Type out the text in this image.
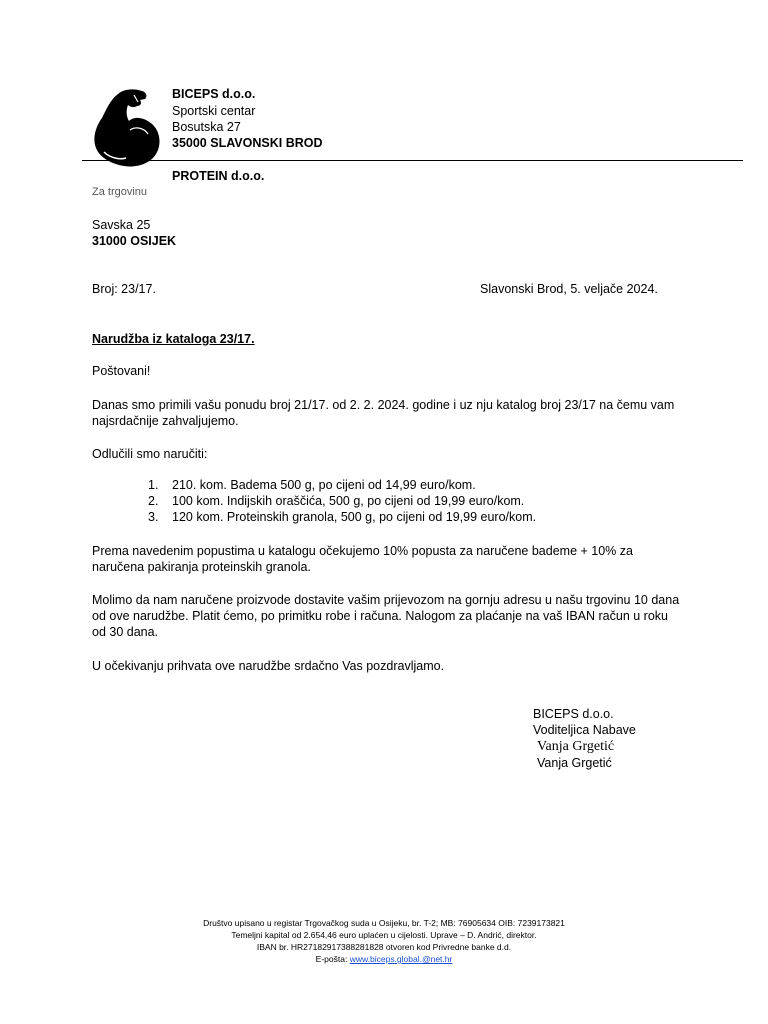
BICEPS d.o.o.
Sportski centar
Bosutska 27
35000 SLAVONSKI BROD
PROTEIN d.o.o.
Za trgovinu
Savska 25
31000 OSIJEK
Broj: 23/17.	Slavonski Brod, 5. veljače 2024.
Narudžba iz kataloga 23/17.
Poštovani!
Danas smo primili vašu ponudu broj 21/17. od 2. 2. 2024. godine i uz nju katalog broj 23/17 na čemu vam najsrdačnije zahvaljujemo.
Odlučili smo naručiti:
1. 210. kom. Badema 500 g, po cijeni od 14,99 euro/kom.
2. 100 kom. Indijskih oraščića, 500 g, po cijeni od 19,99 euro/kom.
3. 120 kom. Proteinskih granola, 500 g, po cijeni od 19,99 euro/kom.
Prema navedenim popustima u katalogu očekujemo 10% popusta za naručene bademe + 10% za naručena pakiranja proteinskih granola.
Molimo da nam naručene proizvode dostavite vašim prijevozom na gornju adresu u našu trgovinu 10 dana od ove narudžbe. Platit ćemo, po primitku robe i računa. Nalogom za plaćanje na vaš IBAN račun u roku od 30 dana.
U očekivanju prihvata ove narudžbe srdačno Vas pozdravljamo.
BICEPS d.o.o.
Voditeljica Nabave
Vanja Grgetić
Vanja Grgetić
Društvo upisano u registar Trgovačkog suda u Osijeku, br. T-2; MB: 76905634 OIB: 7239173821
Temeljni kapital od 2.654,46 euro uplaćen u cijelosti. Uprave – D. Andrić, direktor.
IBAN br. HR27182917388281828 otvoren kod Privredne banke d.d.
E-pošta: www.biceps.global.@net.hr
